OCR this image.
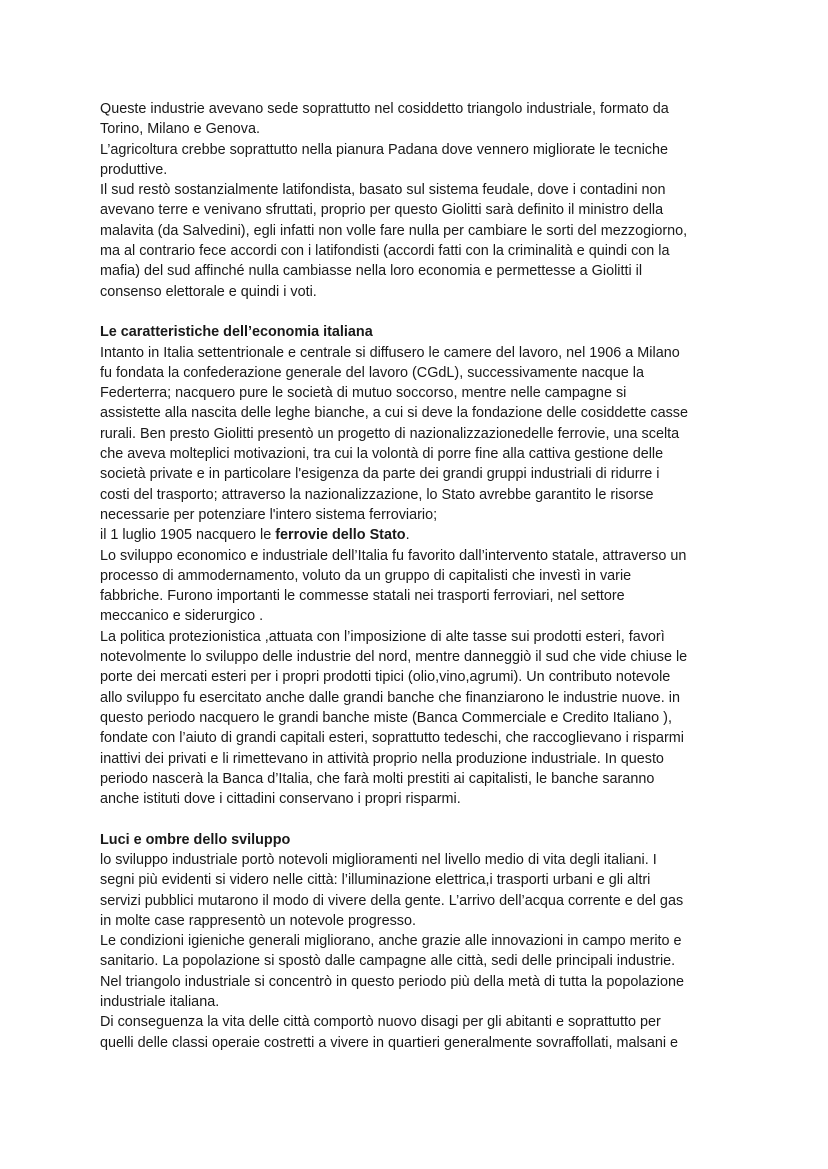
Queste industrie avevano sede soprattutto nel cosiddetto triangolo industriale, formato da
Torino, Milano e Genova.
L’agricoltura crebbe soprattutto nella pianura Padana dove vennero migliorate le tecniche
produttive.
Il sud restò sostanzialmente latifondista, basato sul sistema feudale, dove i contadini non
avevano terre e venivano sfruttati, proprio per questo Giolitti sarà definito il ministro della
malavita (da Salvedini), egli infatti non volle fare nulla per cambiare le sorti del mezzogiorno,
ma al contrario fece accordi con i latifondisti (accordi fatti con la criminalità e quindi con la
mafia) del sud affinché nulla cambiasse nella loro economia e permettesse a Giolitti il
consenso elettorale e quindi i voti.
Le caratteristiche dell’economia italiana
Intanto in Italia settentrionale e centrale si diffusero le camere del lavoro, nel 1906 a Milano
fu fondata la confederazione generale del lavoro (CGdL), successivamente nacque la
Federterra; nacquero pure le società di mutuo soccorso, mentre nelle campagne si
assistette alla nascita delle leghe bianche, a cui si deve la fondazione delle cosiddette casse
rurali. Ben presto Giolitti presentò un progetto di nazionalizzazionedelle ferrovie, una scelta
che aveva molteplici motivazioni, tra cui la volontà di porre fine alla cattiva gestione delle
società private e in particolare l'esigenza da parte dei grandi gruppi industriali di ridurre i
costi del trasporto; attraverso la nazionalizzazione, lo Stato avrebbe garantito le risorse
necessarie per potenziare l'intero sistema ferroviario;
il 1 luglio 1905 nacquero le ferrovie dello Stato.
Lo sviluppo economico e industriale dell’Italia fu favorito dall’intervento statale, attraverso un
processo di ammodernamento, voluto da un gruppo di capitalisti che investì in varie
fabbriche. Furono importanti le commesse statali nei trasporti ferroviari, nel settore
meccanico e siderurgico .
La politica protezionistica ,attuata con l’imposizione di alte tasse sui prodotti esteri, favorì
notevolmente lo sviluppo delle industrie del nord, mentre danneggiò il sud che vide chiuse le
porte dei mercati esteri per i propri prodotti tipici (olio,vino,agrumi). Un contributo notevole
allo sviluppo fu esercitato anche dalle grandi banche che finanziarono le industrie nuove. in
questo periodo nacquero le grandi banche miste (Banca Commerciale e Credito Italiano ),
fondate con l’aiuto di grandi capitali esteri, soprattutto tedeschi, che raccoglievano i risparmi
inattivi dei privati e li rimettevano in attività proprio nella produzione industriale. In questo
periodo nascerà la Banca d’Italia, che farà molti prestiti ai capitalisti, le banche saranno
anche istituti dove i cittadini conservano i propri risparmi.
Luci e ombre dello sviluppo
lo sviluppo industriale portò notevoli miglioramenti nel livello medio di vita degli italiani. I
segni più evidenti si videro nelle città: l’illuminazione elettrica,i trasporti urbani e gli altri
servizi pubblici mutarono il modo di vivere della gente. L’arrivo dell’acqua corrente e del gas
in molte case rappresentò un notevole progresso.
Le condizioni igieniche generali migliorano, anche grazie alle innovazioni in campo merito e
sanitario. La popolazione si spostò dalle campagne alle città, sedi delle principali industrie.
Nel triangolo industriale si concentrò in questo periodo più della metà di tutta la popolazione
industriale italiana.
Di conseguenza la vita delle città comportò nuovo disagi per gli abitanti e soprattutto per
quelli delle classi operaie costretti a vivere in quartieri generalmente sovraffollati, malsani e
